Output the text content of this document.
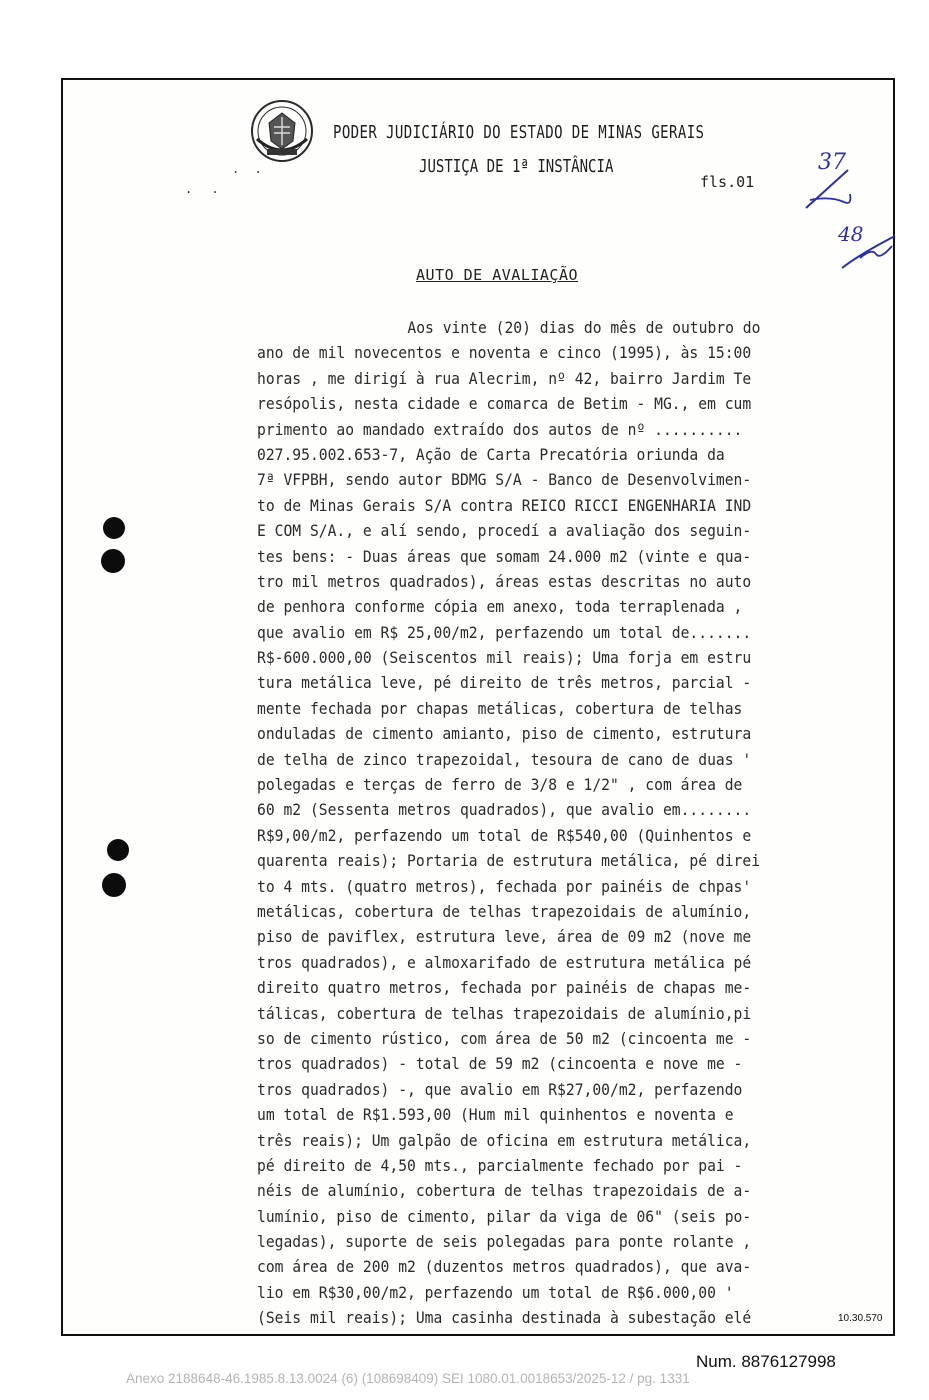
PODER JUDICIÁRIO DO ESTADO DE MINAS GERAIS
JUSTIÇA DE 1ª INSTÂNCIA
. .
. .	fls.01
37
48
AUTO DE AVALIAÇÃO
Aos vinte (20) dias do mês de outubro do
ano de mil novecentos e noventa e cinco (1995), às 15:00
horas , me dirigí à rua Alecrim, nº 42, bairro Jardim Te
resópolis, nesta cidade e comarca de Betim - MG., em cum
primento ao mandado extraído dos autos de nº ..........
027.95.002.653-7, Ação de Carta Precatória oriunda da
7ª VFPBH, sendo autor BDMG S/A - Banco de Desenvolvimen-
to de Minas Gerais S/A contra REICO RICCI ENGENHARIA IND
E COM S/A., e alí sendo, procedí a avaliação dos seguin-
tes bens: - Duas áreas que somam 24.000 m2 (vinte e qua-
tro mil metros quadrados), áreas estas descritas no auto
de penhora conforme cópia em anexo, toda terraplenada ,
que avalio em R$ 25,00/m2, perfazendo um total de.......
R$-600.000,00 (Seiscentos mil reais); Uma forja em estru
tura metálica leve, pé direito de três metros, parcial -
mente fechada por chapas metálicas, cobertura de telhas
onduladas de cimento amianto, piso de cimento, estrutura
de telha de zinco trapezoidal, tesoura de cano de duas '
polegadas e terças de ferro de 3/8 e 1/2" , com área de
60 m2 (Sessenta metros quadrados), que avalio em........
R$9,00/m2, perfazendo um total de R$540,00 (Quinhentos e
quarenta reais); Portaria de estrutura metálica, pé direi
to 4 mts. (quatro metros), fechada por painéis de chpas'
metálicas, cobertura de telhas trapezoidais de alumínio,
piso de paviflex, estrutura leve, área de 09 m2 (nove me
tros quadrados), e almoxarifado de estrutura metálica pé
direito quatro metros, fechada por painéis de chapas me-
tálicas, cobertura de telhas trapezoidais de alumínio,pi
so de cimento rústico, com área de 50 m2 (cincoenta me -
tros quadrados) - total de 59 m2 (cincoenta e nove me -
tros quadrados) -, que avalio em R$27,00/m2, perfazendo
um total de R$1.593,00 (Hum mil quinhentos e noventa e
três reais); Um galpão de oficina em estrutura metálica,
pé direito de 4,50 mts., parcialmente fechado por pai -
néis de alumínio, cobertura de telhas trapezoidais de a-
lumínio, piso de cimento, pilar da viga de 06" (seis po-
legadas), suporte de seis polegadas para ponte rolante ,
com área de 200 m2 (duzentos metros quadrados), que ava-
lio em R$30,00/m2, perfazendo um total de R$6.000,00 '
(Seis mil reais); Uma casinha destinada à subestação elé	10.30.570
Num. 8876127998
Anexo 2188648-46.1985.8.13.0024 (6) (108698409) SEI 1080.01.0018653/2025-12 / pg. 1331
